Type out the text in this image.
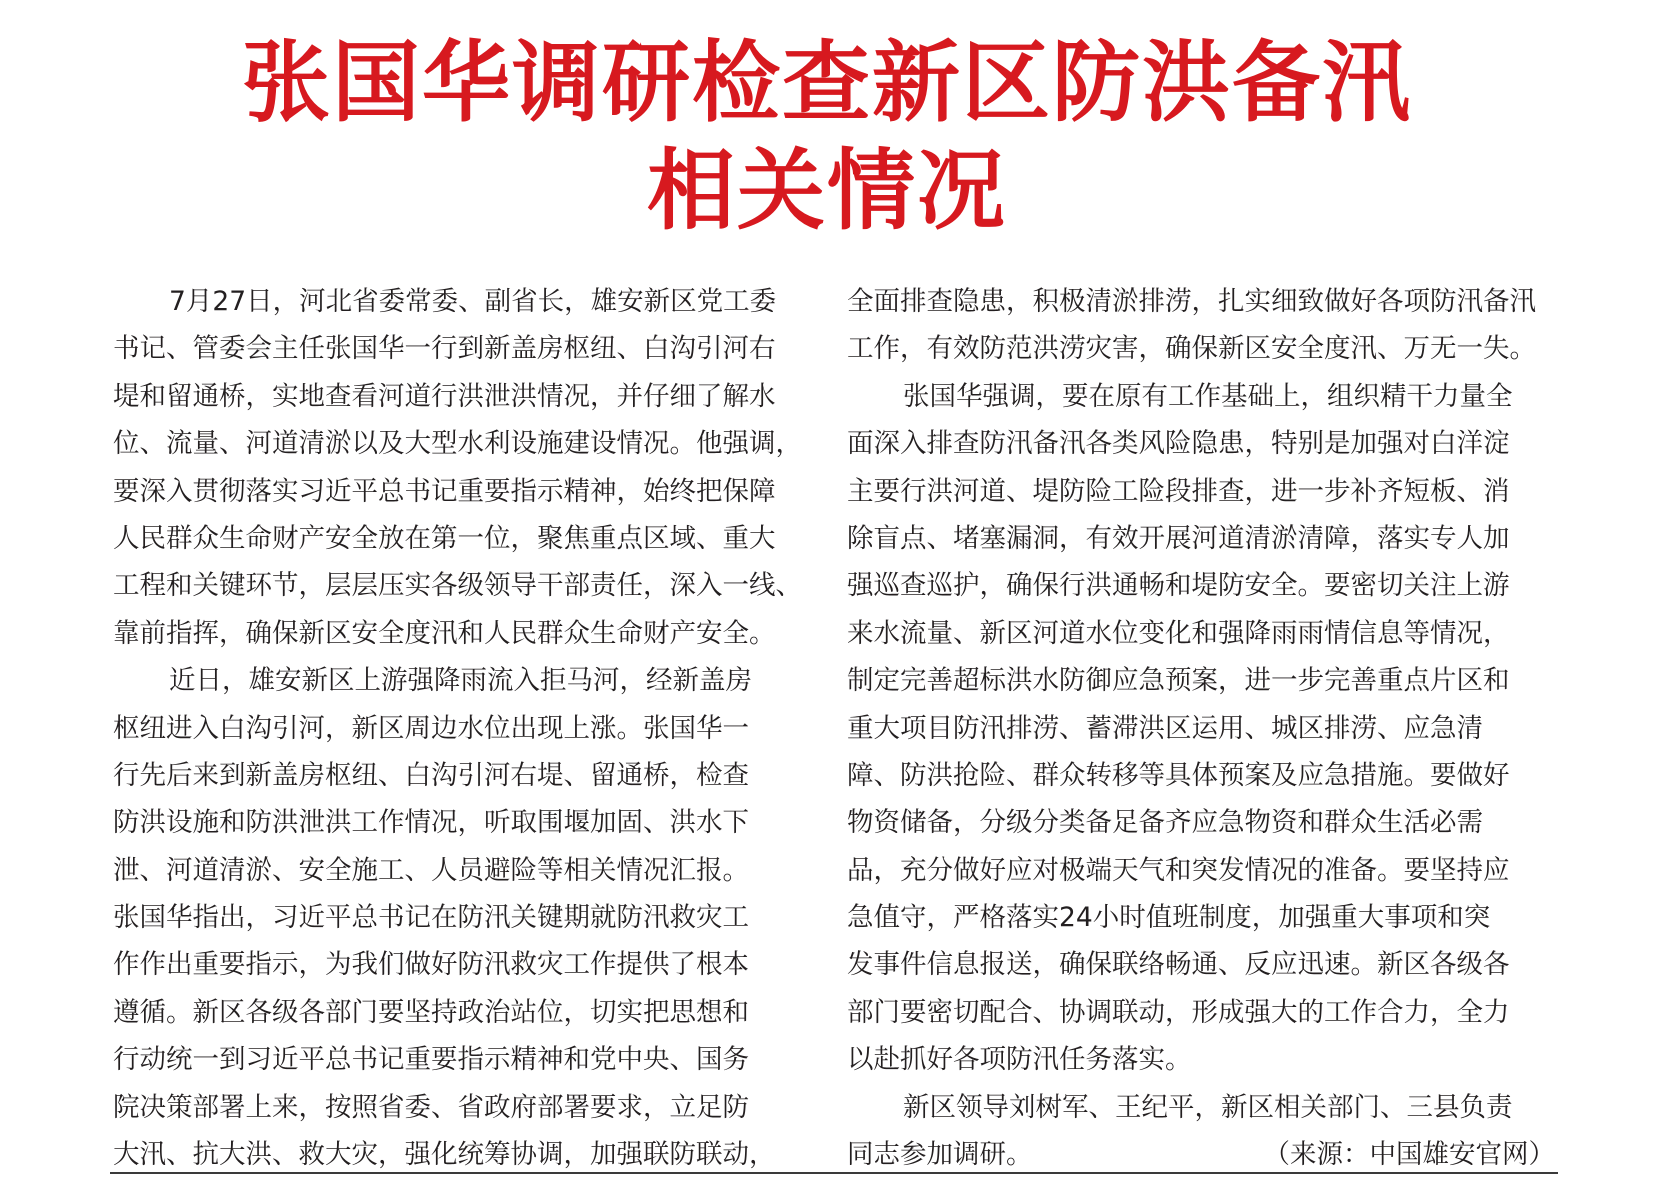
张国华调研检查新区防洪备汛
相关情况
7月27日，河北省委常委、副省长，雄安新区党工委
书记、管委会主任张国华一行到新盖房枢纽、白沟引河右
堤和留通桥，实地查看河道行洪泄洪情况，并仔细了解水
位、流量、河道清淤以及大型水利设施建设情况。他强调，
要深入贯彻落实习近平总书记重要指示精神，始终把保障
人民群众生命财产安全放在第一位，聚焦重点区域、重大
工程和关键环节，层层压实各级领导干部责任，深入一线、
靠前指挥，确保新区安全度汛和人民群众生命财产安全。
近日，雄安新区上游强降雨流入拒马河，经新盖房
枢纽进入白沟引河，新区周边水位出现上涨。张国华一
行先后来到新盖房枢纽、白沟引河右堤、留通桥，检查
防洪设施和防洪泄洪工作情况，听取围堰加固、洪水下
泄、河道清淤、安全施工、人员避险等相关情况汇报。
张国华指出，习近平总书记在防汛关键期就防汛救灾工
作作出重要指示，为我们做好防汛救灾工作提供了根本
遵循。新区各级各部门要坚持政治站位，切实把思想和
行动统一到习近平总书记重要指示精神和党中央、国务
院决策部署上来，按照省委、省政府部署要求，立足防
大汛、抗大洪、救大灾，强化统筹协调，加强联防联动，
全面排查隐患，积极清淤排涝，扎实细致做好各项防汛备汛
工作，有效防范洪涝灾害，确保新区安全度汛、万无一失。
张国华强调，要在原有工作基础上，组织精干力量全
面深入排查防汛备汛各类风险隐患，特别是加强对白洋淀
主要行洪河道、堤防险工险段排查，进一步补齐短板、消
除盲点、堵塞漏洞，有效开展河道清淤清障，落实专人加
强巡查巡护，确保行洪通畅和堤防安全。要密切关注上游
来水流量、新区河道水位变化和强降雨雨情信息等情况，
制定完善超标洪水防御应急预案，进一步完善重点片区和
重大项目防汛排涝、蓄滞洪区运用、城区排涝、应急清
障、防洪抢险、群众转移等具体预案及应急措施。要做好
物资储备，分级分类备足备齐应急物资和群众生活必需
品，充分做好应对极端天气和突发情况的准备。要坚持应
急值守，严格落实24小时值班制度，加强重大事项和突
发事件信息报送，确保联络畅通、反应迅速。新区各级各
部门要密切配合、协调联动，形成强大的工作合力，全力
以赴抓好各项防汛任务落实。
新区领导刘树军、王纪平，新区相关部门、三县负责
同志参加调研。	（来源：中国雄安官网）
